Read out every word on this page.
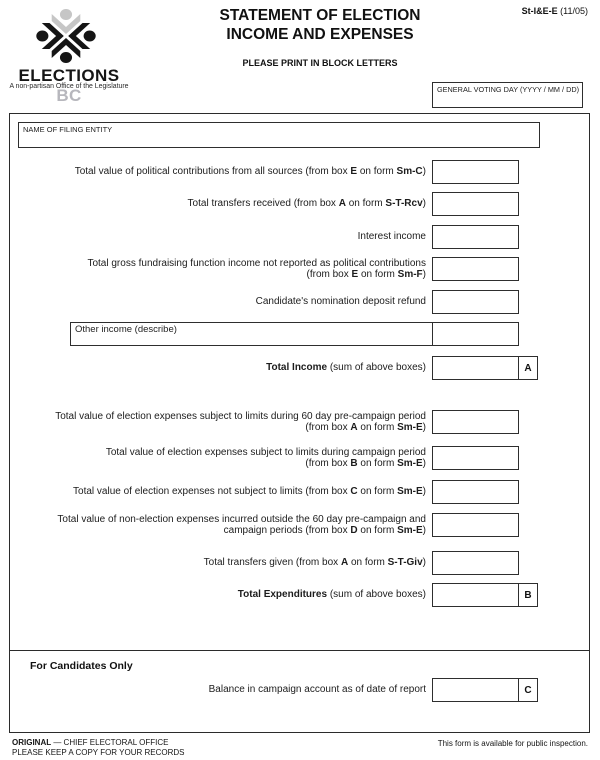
ELECTIONS BC
A non-partisan Office of the Legislature
STATEMENT OF ELECTION
INCOME AND EXPENSES
PLEASE PRINT IN BLOCK LETTERS
St-I&E-E (11/05)
GENERAL VOTING DAY (YYYY / MM / DD)
NAME OF FILING ENTITY
Total value of political contributions from all sources (from box E on form Sm-C)
Total transfers received (from box A on form S-T-Rcv)
Interest income
Total gross fundraising function income not reported as political contributions
(from box E on form Sm-F)
Candidate's nomination deposit refund
Other income (describe)
Total Income (sum of above boxes)	A
Total value of election expenses subject to limits during 60 day pre-campaign period
(from box A on form Sm-E)
Total value of election expenses subject to limits during campaign period
(from box B on form Sm-E)
Total value of election expenses not subject to limits (from box C on form Sm-E)
Total value of non-election expenses incurred outside the 60 day pre-campaign and
campaign periods (from box D on form Sm-E)
Total transfers given (from box A on form S-T-Giv)
Total Expenditures (sum of above boxes)	B
For Candidates Only
Balance in campaign account as of date of report	C
ORIGINAL — CHIEF ELECTORAL OFFICE
PLEASE KEEP A COPY FOR YOUR RECORDS
This form is available for public inspection.
